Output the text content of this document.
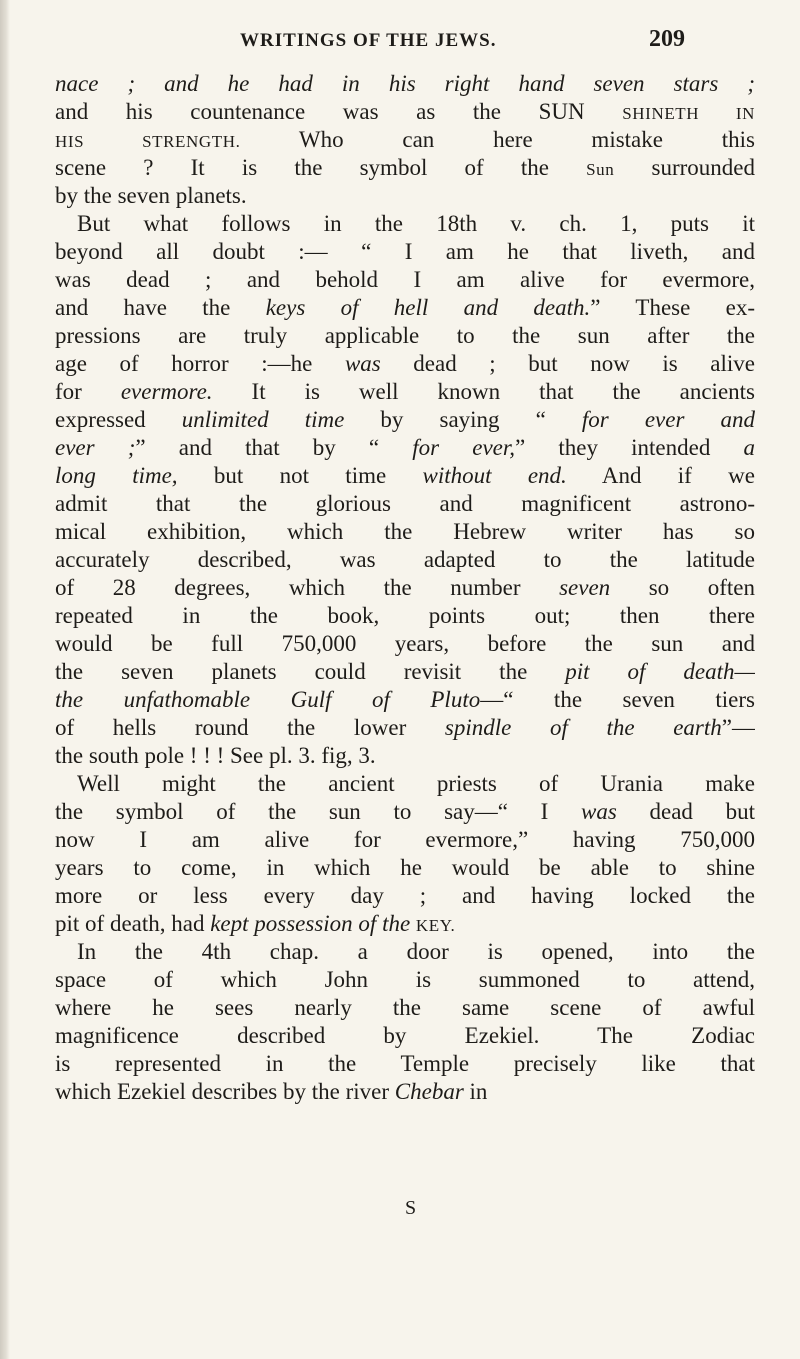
WRITINGS OF THE JEWS.	209
nace ; and he had in his right hand seven stars ;
and his countenance was as the SUN SHINETH IN
HIS STRENGTH. Who can here mistake this
scene ? It is the symbol of the Sun surrounded
by the seven planets.
But what follows in the 18th v. ch. 1, puts it
beyond all doubt :— “ I am he that liveth, and
was dead ; and behold I am alive for evermore,
and have the keys of hell and death.” These ex-
pressions are truly applicable to the sun after the
age of horror :—he was dead ; but now is alive
for evermore. It is well known that the ancients
expressed unlimited time by saying “ for ever and
ever ;” and that by “ for ever,” they intended a
long time, but not time without end. And if we
admit that the glorious and magnificent astrono-
mical exhibition, which the Hebrew writer has so
accurately described, was adapted to the latitude
of 28 degrees, which the number seven so often
repeated in the book, points out; then there
would be full 750,000 years, before the sun and
the seven planets could revisit the pit of death—
the unfathomable Gulf of Pluto—“ the seven tiers
of hells round the lower spindle of the earth”—
the south pole ! ! ! See pl. 3. fig, 3.
Well might the ancient priests of Urania make
the symbol of the sun to say—“ I was dead but
now I am alive for evermore,” having 750,000
years to come, in which he would be able to shine
more or less every day ; and having locked the
pit of death, had kept possession of the KEY.
In the 4th chap. a door is opened, into the
space of which John is summoned to attend,
where he sees nearly the same scene of awful
magnificence described by Ezekiel. The Zodiac
is represented in the Temple precisely like that
which Ezekiel describes by the river Chebar in
S
